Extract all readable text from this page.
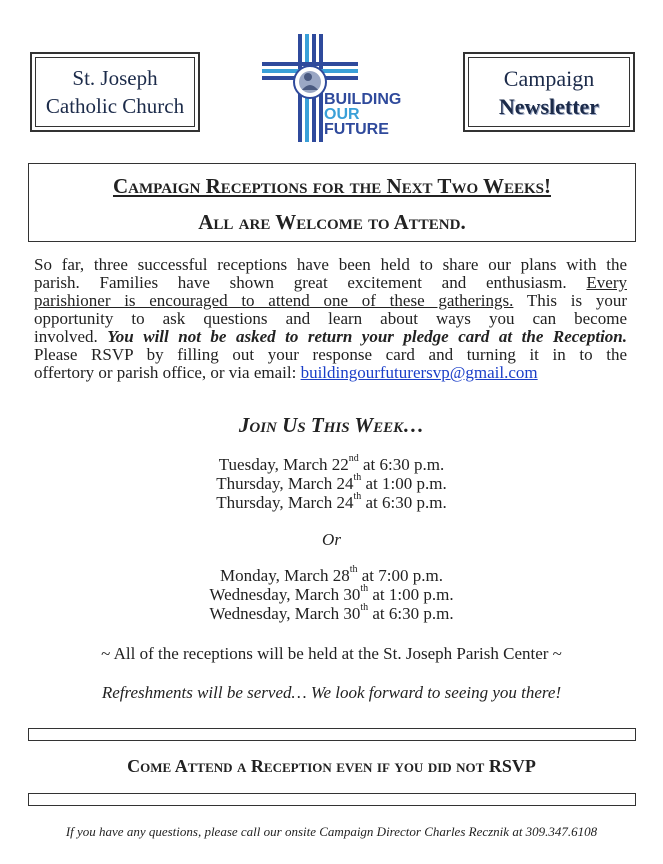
St. Joseph
Catholic Church	BUILDING
OUR
FUTURE
Campaign
Newsletter
Campaign Receptions for the Next Two Weeks!
All are Welcome to Attend.
So far, three successful receptions have been held to share our plans with the
parish. Families have shown great excitement and enthusiasm. Every
parishioner is encouraged to attend one of these gatherings. This is your
opportunity to ask questions and learn about ways you can become
involved. You will not be asked to return your pledge card at the Reception.
Please RSVP by filling out your response card and turning it in to the
offertory or parish office, or via email: buildingourfuturersvp@gmail.com
Join Us This Week…
Tuesday, March 22nd at 6:30 p.m.
Thursday, March 24th at 1:00 p.m.
Thursday, March 24th at 6:30 p.m.
Or
Monday, March 28th at 7:00 p.m.
Wednesday, March 30th at 1:00 p.m.
Wednesday, March 30th at 6:30 p.m.
~ All of the receptions will be held at the St. Joseph Parish Center ~
Refreshments will be served… We look forward to seeing you there!
Come Attend a Reception even if you did not RSVP
If you have any questions, please call our onsite Campaign Director Charles Recznik at 309.347.6108
